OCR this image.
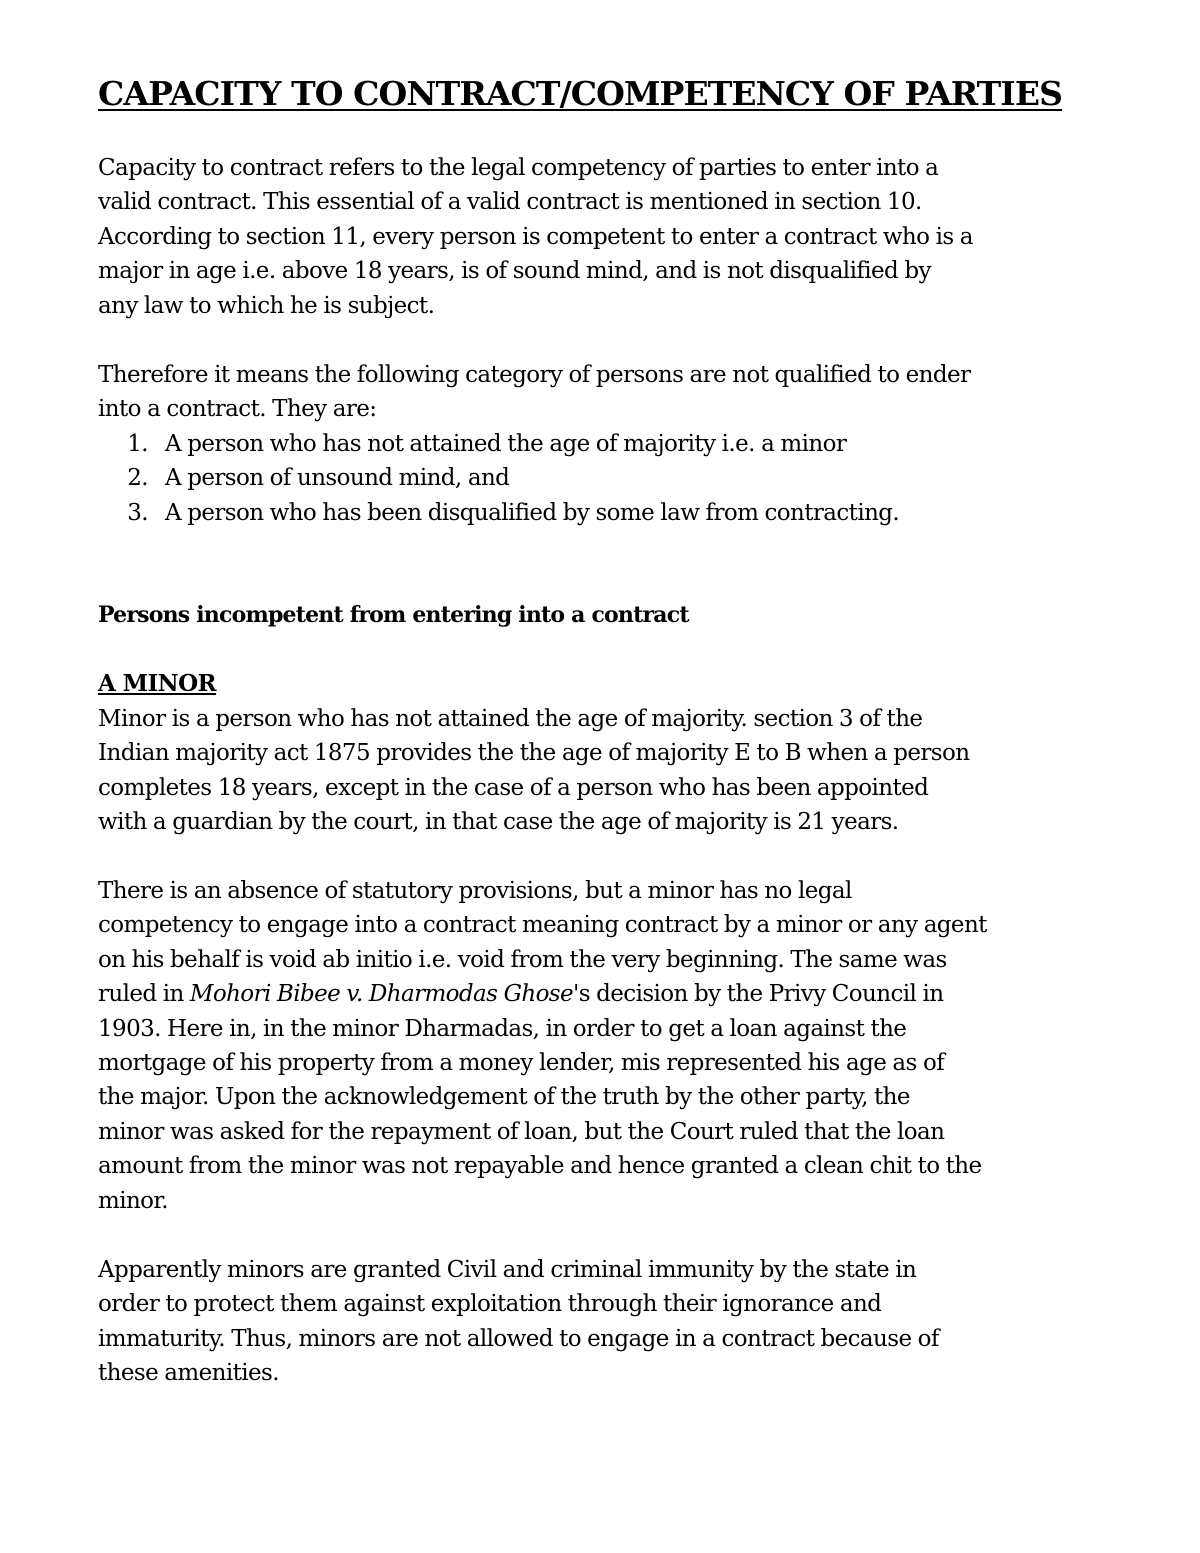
CAPACITY TO CONTRACT/COMPETENCY OF PARTIES

Capacity to contract refers to the legal competency of parties to enter into a
valid contract. This essential of a valid contract is mentioned in section 10.
According to section 11, every person is competent to enter a contract who is a
major in age i.e. above 18 years, is of sound mind, and is not disqualified by
any law to which he is subject.

Therefore it means the following category of persons are not qualified to ender
into a contract. They are:

1. A person who has not attained the age of majority i.e. a minor
2. A person of unsound mind, and
3. A person who has been disqualified by some law from contracting.
Persons incompetent from entering into a contract
A MINOR

Minor is a person who has not attained the age of majority. section 3 of the
Indian majority act 1875 provides the the age of majority E to B when a person
completes 18 years, except in the case of a person who has been appointed
with a guardian by the court, in that case the age of majority is 21 years.

There is an absence of statutory provisions, but a minor has no legal
competency to engage into a contract meaning contract by a minor or any agent
on his behalf is void ab initio i.e. void from the very beginning. The same was
ruled in Mohori Bibee v. Dharmodas Ghose's decision by the Privy Council in
1903. Here in, in the minor Dharmadas, in order to get a loan against the
mortgage of his property from a money lender, mis represented his age as of
the major. Upon the acknowledgement of the truth by the other party, the
minor was asked for the repayment of loan, but the Court ruled that the loan
amount from the minor was not repayable and hence granted a clean chit to the
minor.

Apparently minors are granted Civil and criminal immunity by the state in
order to protect them against exploitation through their ignorance and
immaturity. Thus, minors are not allowed to engage in a contract because of
these amenities.
